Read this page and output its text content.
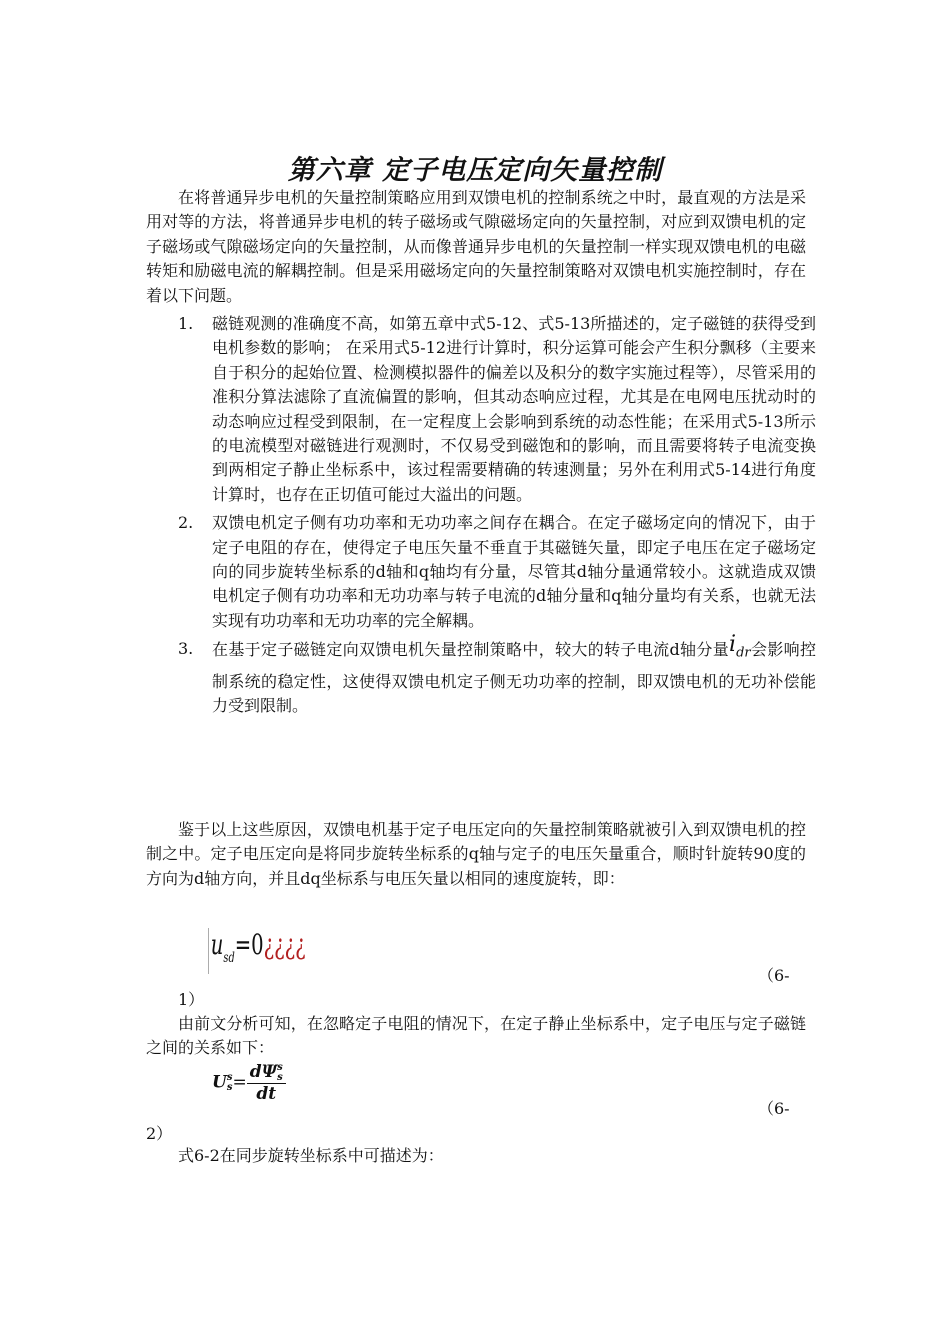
第六章 定子电压定向矢量控制

在将普通异步电机的矢量控制策略应用到双馈电机的控制系统之中时，最直观的方法是采用对等的方法，将普通异步电机的转子磁场或气隙磁场定向的矢量控制，对应到双馈电机的定子磁场或气隙磁场定向的矢量控制，从而像普通异步电机的矢量控制一样实现双馈电机的电磁转矩和励磁电流的解耦控制。但是采用磁场定向的矢量控制策略对双馈电机实施控制时，存在着以下问题。

1. 磁链观测的准确度不高，如第五章中式5-12、式5-13所描述的，定子磁链的获得受到电机参数的影响； 在采用式5-12进行计算时，积分运算可能会产生积分飘移（主要来自于积分的起始位置、检测模拟器件的偏差以及积分的数字实施过程等），尽管采用的准积分算法滤除了直流偏置的影响，但其动态响应过程，尤其是在电网电压扰动时的动态响应过程受到限制，在一定程度上会影响到系统的动态性能；在采用式5-13所示的电流模型对磁链进行观测时，不仅易受到磁饱和的影响，而且需要将转子电流变换到两相定子静止坐标系中，该过程需要精确的转速测量；另外在利用式5-14进行角度计算时，也存在正切值可能过大溢出的问题。
2. 双馈电机定子侧有功功率和无功功率之间存在耦合。在定子磁场定向的情况下，由于定子电阻的存在，使得定子电压矢量不垂直于其磁链矢量，即定子电压在定子磁场定向的同步旋转坐标系的d轴和q轴均有分量，尽管其d轴分量通常较小。这就造成双馈电机定子侧有功功率和无功功率与转子电流的d轴分量和q轴分量均有关系，也就无法实现有功功率和无功功率的完全解耦。
3. 在基于定子磁链定向双馈电机矢量控制策略中，较大的转子电流d轴分量$i_{dr}$会影响控制系统的稳定性，这使得双馈电机定子侧无功功率的控制，即双馈电机的无功补偿能力受到限制。

鉴于以上这些原因，双馈电机基于定子电压定向的矢量控制策略就被引入到双馈电机的控制之中。定子电压定向是将同步旋转坐标系的q轴与定子的电压矢量重合，顺时针旋转90度的方向为d轴方向，并且dq坐标系与电压矢量以相同的速度旋转，即：

$u_{sd}=0¿¿¿¿$
（6-
1）

由前文分析可知，在忽略定子电阻的情况下，在定子静止坐标系中，定子电压与定子磁链之间的关系如下：

U s
s = dΨ s
s
dt
（6-
2）

式6-2在同步旋转坐标系中可描述为：
